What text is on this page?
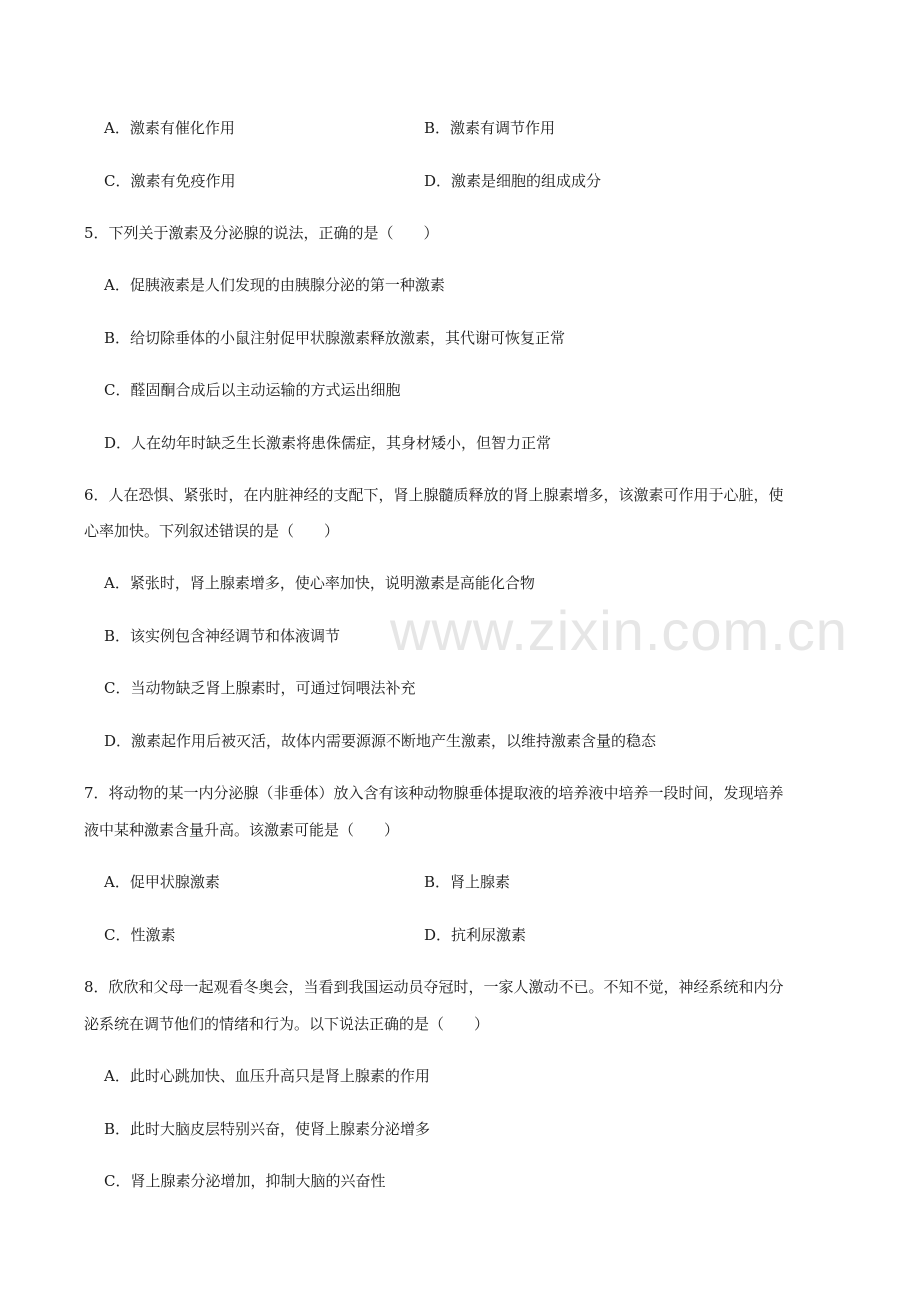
A．激素有催化作用	B．激素有调节作用
C．激素有免疫作用	D．激素是细胞的组成成分
5．下列关于激素及分泌腺的说法，正确的是（　　）
A．促胰液素是人们发现的由胰腺分泌的第一种激素
B．给切除垂体的小鼠注射促甲状腺激素释放激素，其代谢可恢复正常
C．醛固酮合成后以主动运输的方式运出细胞
D．人在幼年时缺乏生长激素将患侏儒症，其身材矮小，但智力正常
6．人在恐惧、紧张时，在内脏神经的支配下，肾上腺髓质释放的肾上腺素增多，该激素可作用于心脏，使
心率加快。下列叙述错误的是（　　）
A．紧张时，肾上腺素增多，使心率加快，说明激素是高能化合物
B．该实例包含神经调节和体液调节
C．当动物缺乏肾上腺素时，可通过饲喂法补充
D．激素起作用后被灭活，故体内需要源源不断地产生激素，以维持激素含量的稳态
7．将动物的某一内分泌腺（非垂体）放入含有该种动物腺垂体提取液的培养液中培养一段时间，发现培养
液中某种激素含量升高。该激素可能是（　　）
A．促甲状腺激素	B．肾上腺素
C．性激素	D．抗利尿激素
8．欣欣和父母一起观看冬奥会，当看到我国运动员夺冠时，一家人激动不已。不知不觉，神经系统和内分
泌系统在调节他们的情绪和行为。以下说法正确的是（　　）
A．此时心跳加快、血压升高只是肾上腺素的作用
B．此时大脑皮层特别兴奋，使肾上腺素分泌增多
C．肾上腺素分泌增加，抑制大脑的兴奋性
www.zixin.com.cn
